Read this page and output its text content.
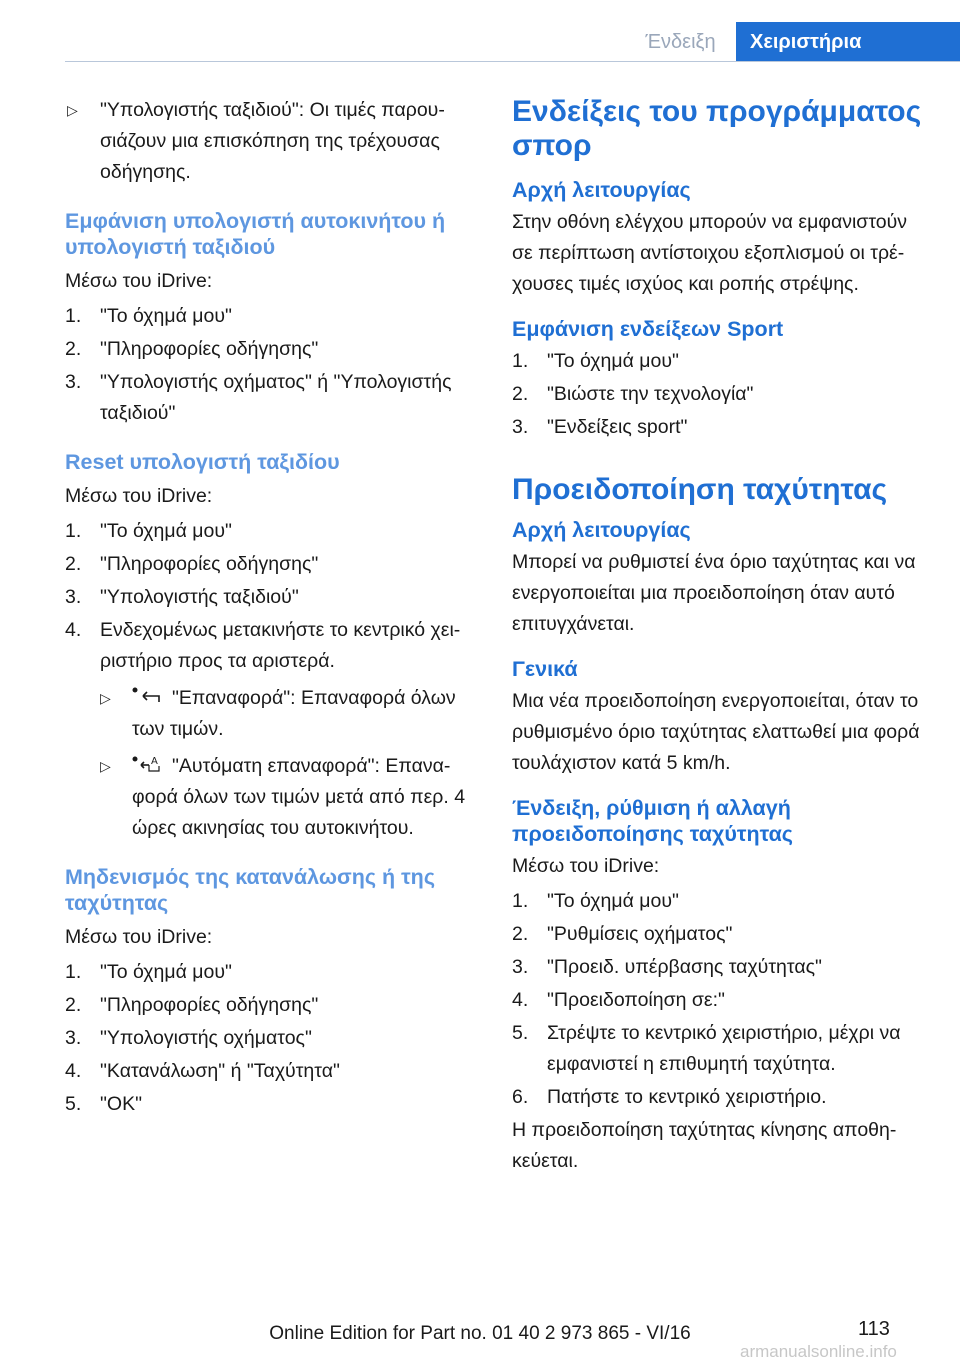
Ένδειξη	Χειριστήρια
▷ "Υπολογιστής ταξιδιού": Οι τιμές παρου-σιάζουν μια επισκόπηση της τρέχουσας οδήγησης.
Εμφάνιση υπολογιστή αυτοκινήτου ή υπολογιστή ταξιδιού

Μέσω του iDrive:

1. "Το όχημά μου"
2. "Πληροφορίες οδήγησης"
3. "Υπολογιστής οχήματος" ή "Υπολογιστής ταξιδιού"
Reset υπολογιστή ταξιδίου

Μέσω του iDrive:

1. "Το όχημά μου"
2. "Πληροφορίες οδήγησης"
3. "Υπολογιστής ταξιδιού"
4. Ενδεχομένως μετακινήστε το κεντρικό χει-ριστήριο προς τα αριστερά.
▷	"Επαναφορά": Επαναφορά όλων των τιμών.
▷	A "Αυτόματη επαναφορά": Επανα-φορά όλων των τιμών μετά από περ. 4 ώρες ακινησίας του αυτοκινήτου.
Μηδενισμός της κατανάλωσης ή της ταχύτητας

Μέσω του iDrive:

1. "Το όχημά μου"
2. "Πληροφορίες οδήγησης"
3. "Υπολογιστής οχήματος"
4. "Κατανάλωση" ή "Ταχύτητα"
5. "OK"
Ενδείξεις του προγράμματος σπορ
Αρχή λειτουργίας

Στην οθόνη ελέγχου μπορούν να εμφανιστούν σε περίπτωση αντίστοιχου εξοπλισμού οι τρέ-χουσες τιμές ισχύος και ροπής στρέψης.

Εμφάνιση ενδείξεων Sport
1. "Το όχημά μου"
2. "Βιώστε την τεχνολογία"
3. "Ενδείξεις sport"
Προειδοποίηση ταχύτητας
Αρχή λειτουργίας

Μπορεί να ρυθμιστεί ένα όριο ταχύτητας και να ενεργοποιείται μια προειδοποίηση όταν αυτό επιτυγχάνεται.

Γενικά

Μια νέα προειδοποίηση ενεργοποιείται, όταν το ρυθμισμένο όριο ταχύτητας ελαττωθεί μια φορά τουλάχιστον κατά 5 km/h.

Ένδειξη, ρύθμιση ή αλλαγή προειδοποίησης ταχύτητας

Μέσω του iDrive:

1. "Το όχημά μου"
2. "Ρυθμίσεις οχήματος"
3. "Προειδ. υπέρβασης ταχύτητας"
4. "Προειδοποίηση σε:"
5. Στρέψτε το κεντρικό χειριστήριο, μέχρι να εμφανιστεί η επιθυμητή ταχύτητα.
6. Πατήστε το κεντρικό χειριστήριο.

Η προειδοποίηση ταχύτητας κίνησης αποθη-κεύεται.

113
Online Edition for Part no. 01 40 2 973 865 - VI/16
armanualsonline.info
